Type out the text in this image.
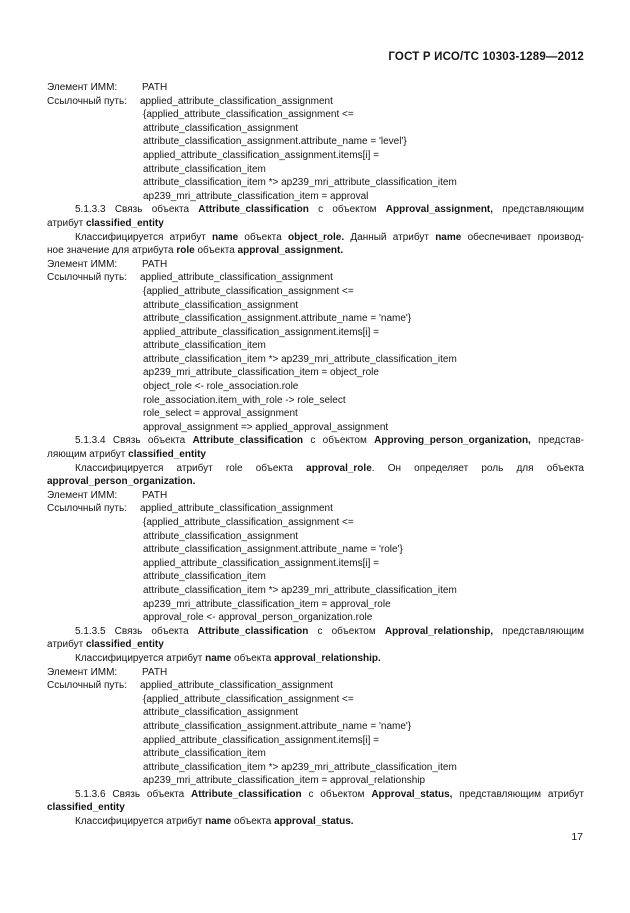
ГОСТ Р ИСО/ТС 10303-1289—2012
Элемент ИММ: PATH
Ссылочный путь: applied_attribute_classification_assignment
{applied_attribute_classification_assignment <=
attribute_classification_assignment
attribute_classification_assignment.attribute_name = 'level'}
applied_attribute_classification_assignment.items[i] =
attribute_classification_item
attribute_classification_item *> ap239_mri_attribute_classification_item
ap239_mri_attribute_classification_item = approval
5.1.3.3 Связь объекта Attribute_classification с объектом Approval_assignment, представляющим
атрибут classified_entity
Классифицируется атрибут name объекта object_role. Данный атрибут name обеспечивает производ-
ное значение для атрибута role объекта approval_assignment.
Элемент ИММ: PATH
Ссылочный путь: applied_attribute_classification_assignment
{applied_attribute_classification_assignment <=
attribute_classification_assignment
attribute_classification_assignment.attribute_name = 'name'}
applied_attribute_classification_assignment.items[i] =
attribute_classification_item
attribute_classification_item *> ap239_mri_attribute_classification_item
ap239_mri_attribute_classification_item = object_role
object_role <- role_association.role
role_association.item_with_role -> role_select
role_select = approval_assignment
approval_assignment => applied_approval_assignment
5.1.3.4 Связь объекта Attribute_classification с объектом Approving_person_organization, представ-
ляющим атрибут classified_entity
Классифицируется атрибут role объекта approval_role. Он определяет роль для объекта
approval_person_organization.
Элемент ИММ: PATH
Ссылочный путь: applied_attribute_classification_assignment
{applied_attribute_classification_assignment <=
attribute_classification_assignment
attribute_classification_assignment.attribute_name = 'role'}
applied_attribute_classification_assignment.items[i] =
attribute_classification_item
attribute_classification_item *> ap239_mri_attribute_classification_item
ap239_mri_attribute_classification_item = approval_role
approval_role <- approval_person_organization.role
5.1.3.5 Связь объекта Attribute_classification с объектом Approval_relationship, представляющим
атрибут classified_entity
Классифицируется атрибут name объекта approval_relationship.
Элемент ИММ: PATH
Ссылочный путь: applied_attribute_classification_assignment
{applied_attribute_classification_assignment <=
attribute_classification_assignment
attribute_classification_assignment.attribute_name = 'name'}
applied_attribute_classification_assignment.items[i] =
attribute_classification_item
attribute_classification_item *> ap239_mri_attribute_classification_item
ap239_mri_attribute_classification_item = approval_relationship
5.1.3.6 Связь объекта Attribute_classification с объектом Approval_status, представляющим атрибут
classified_entity
Классифицируется атрибут name объекта approval_status.
17
